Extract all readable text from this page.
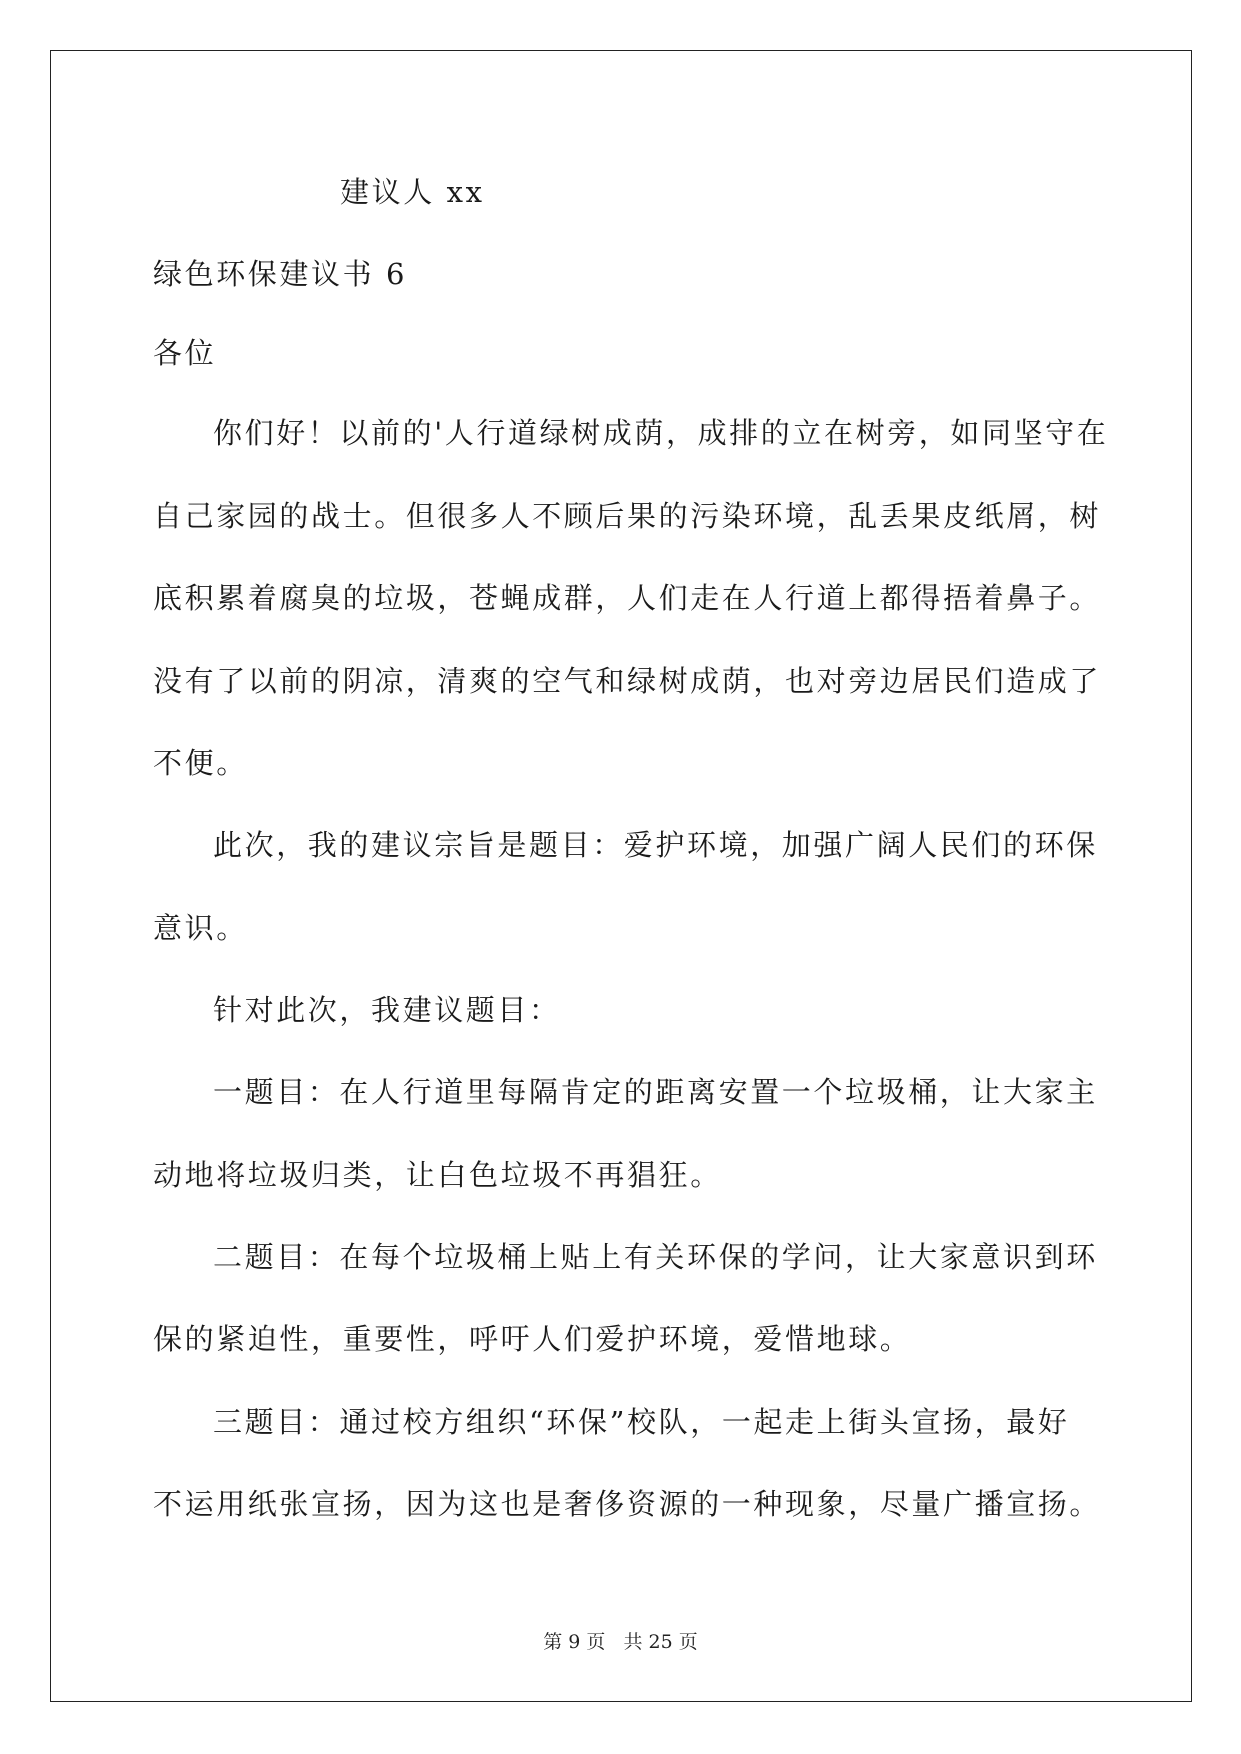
建议人 xx
绿色环保建议书 6
各位
你们好！以前的'人行道绿树成荫，成排的立在树旁，如同坚守在
自己家园的战士。但很多人不顾后果的污染环境，乱丢果皮纸屑，树
底积累着腐臭的垃圾，苍蝇成群，人们走在人行道上都得捂着鼻子。
没有了以前的阴凉，清爽的空气和绿树成荫，也对旁边居民们造成了
不便。
此次，我的建议宗旨是题目：爱护环境，加强广阔人民们的环保
意识。
针对此次，我建议题目：
一题目：在人行道里每隔肯定的距离安置一个垃圾桶，让大家主
动地将垃圾归类，让白色垃圾不再猖狂。
二题目：在每个垃圾桶上贴上有关环保的学问，让大家意识到环
保的紧迫性，重要性，呼吁人们爱护环境，爱惜地球。
三题目：通过校方组织“环保”校队，一起走上街头宣扬，最好
不运用纸张宣扬，因为这也是奢侈资源的一种现象，尽量广播宣扬。
第 9 页 共 25 页
